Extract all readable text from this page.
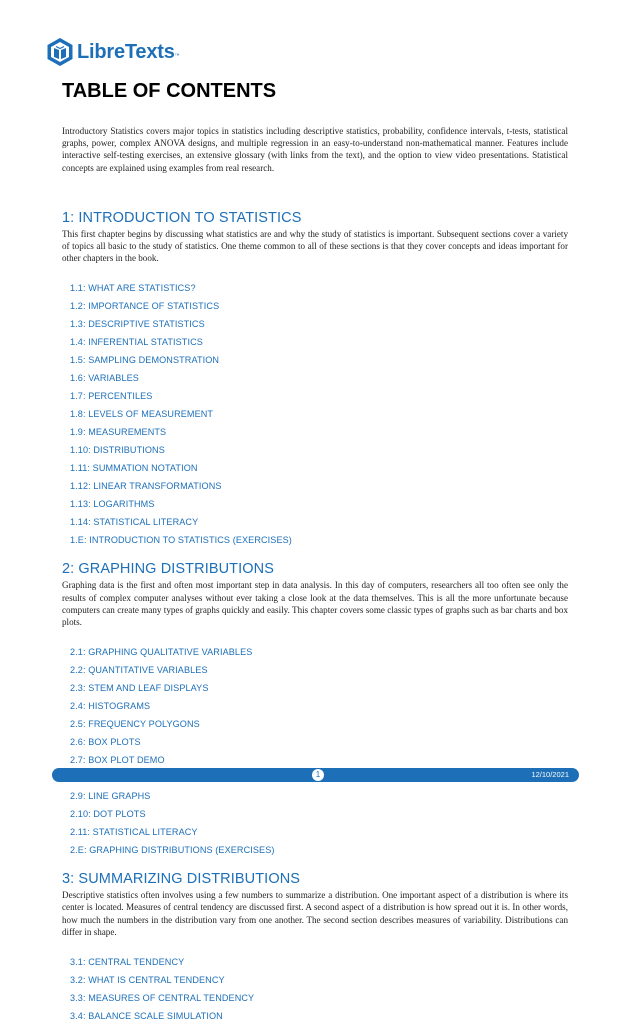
LibreTexts ™
TABLE OF CONTENTS

Introductory Statistics covers major topics in statistics including descriptive statistics, probability, confidence intervals, t-tests, statistical graphs, power, complex ANOVA designs, and multiple regression in an easy-to-understand non-mathematical manner. Features include interactive self-testing exercises, an extensive glossary (with links from the text), and the option to view video presentations. Statistical concepts are explained using examples from real research.

1: INTRODUCTION TO STATISTICS

This first chapter begins by discussing what statistics are and why the study of statistics is important. Subsequent sections cover a variety of topics all basic to the study of statistics. One theme common to all of these sections is that they cover concepts and ideas important for other chapters in the book.

1.1: WHAT ARE STATISTICS?
1.2: IMPORTANCE OF STATISTICS
1.3: DESCRIPTIVE STATISTICS
1.4: INFERENTIAL STATISTICS
1.5: SAMPLING DEMONSTRATION
1.6: VARIABLES
1.7: PERCENTILES
1.8: LEVELS OF MEASUREMENT
1.9: MEASUREMENTS
1.10: DISTRIBUTIONS
1.11: SUMMATION NOTATION
1.12: LINEAR TRANSFORMATIONS
1.13: LOGARITHMS
1.14: STATISTICAL LITERACY
1.E: INTRODUCTION TO STATISTICS (EXERCISES)
2: GRAPHING DISTRIBUTIONS

Graphing data is the first and often most important step in data analysis. In this day of computers, researchers all too often see only the results of complex computer analyses without ever taking a close look at the data themselves. This is all the more unfortunate because computers can create many types of graphs quickly and easily. This chapter covers some classic types of graphs such as bar charts and box plots.

2.1: GRAPHING QUALITATIVE VARIABLES
2.2: QUANTITATIVE VARIABLES
2.3: STEM AND LEAF DISPLAYS
2.4: HISTOGRAMS
2.5: FREQUENCY POLYGONS
2.6: BOX PLOTS
2.7: BOX PLOT DEMO
2.9: LINE GRAPHS
2.10: DOT PLOTS
2.11: STATISTICAL LITERACY
2.E: GRAPHING DISTRIBUTIONS (EXERCISES)
3: SUMMARIZING DISTRIBUTIONS

Descriptive statistics often involves using a few numbers to summarize a distribution. One important aspect of a distribution is where its center is located. Measures of central tendency are discussed first. A second aspect of a distribution is how spread out it is. In other words, how much the numbers in the distribution vary from one another. The second section describes measures of variability. Distributions can differ in shape.

3.1: CENTRAL TENDENCY
3.2: WHAT IS CENTRAL TENDENCY
3.3: MEASURES OF CENTRAL TENDENCY
3.4: BALANCE SCALE SIMULATION
1	12/10/2021
